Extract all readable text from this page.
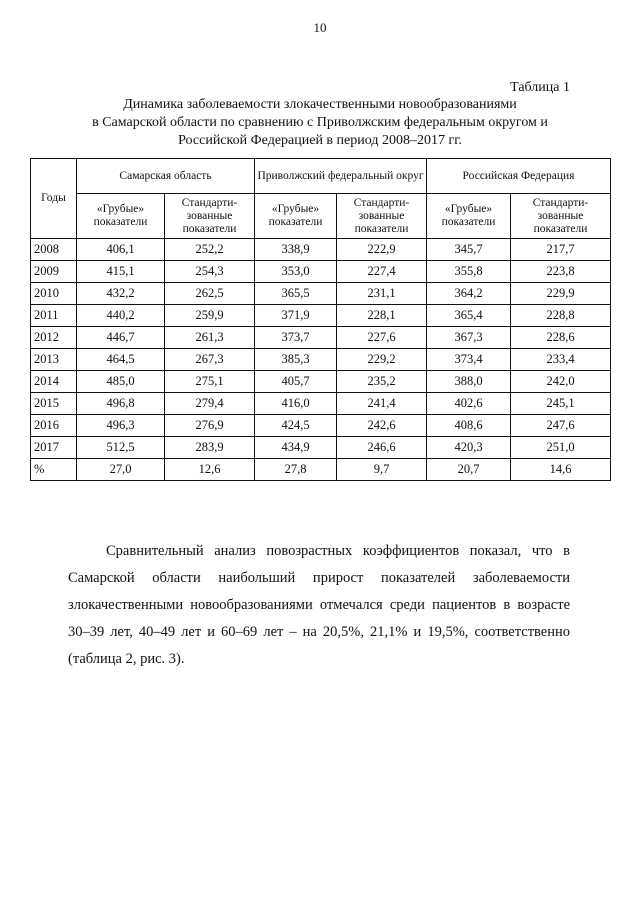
10
Таблица 1
Динамика заболеваемости злокачественными новообразованиями
в Самарской области по сравнению с Приволжским федеральным округом и
Российской Федерацией в период 2008–2017 гг.
Годы	Самарская область		Приволжский федеральный округ		Российская Федерация	
	«Грубые» показатели	Стандарти-зованные показатели	«Грубые» показатели	Стандарти-зованные показатели	«Грубые» показатели	Стандарти-зованные показатели
2008	406,1	252,2	338,9	222,9	345,7	217,7
2009	415,1	254,3	353,0	227,4	355,8	223,8
2010	432,2	262,5	365,5	231,1	364,2	229,9
2011	440,2	259,9	371,9	228,1	365,4	228,8
2012	446,7	261,3	373,7	227,6	367,3	228,6
2013	464,5	267,3	385,3	229,2	373,4	233,4
2014	485,0	275,1	405,7	235,2	388,0	242,0
2015	496,8	279,4	416,0	241,4	402,6	245,1
2016	496,3	276,9	424,5	242,6	408,6	247,6
2017	512,5	283,9	434,9	246,6	420,3	251,0
%	27,0	12,6	27,8	9,7	20,7	14,6
Сравнительный анализ повозрастных коэффициентов показал, что в
Самарской области наибольший прирост показателей заболеваемости
злокачественными новообразованиями отмечался среди пациентов в возрасте
30–39 лет, 40–49 лет и 60–69 лет – на 20,5%, 21,1% и 19,5%, соответственно
(таблица 2, рис. 3).
